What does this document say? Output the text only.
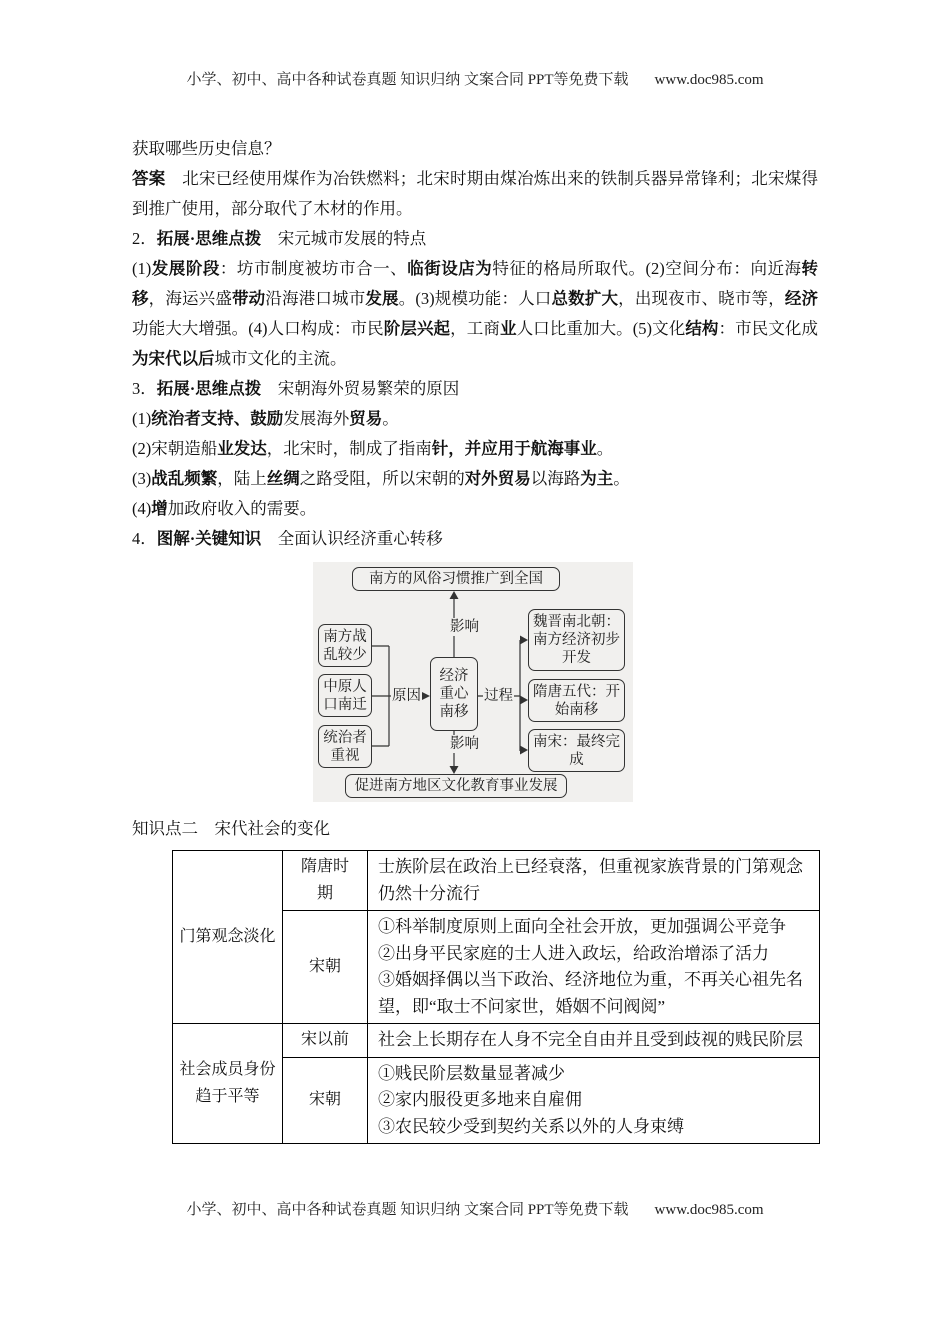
小学、初中、高中各种试卷真题 知识归纳 文案合同 PPT等免费下载 www.doc985.com

获取哪些历史信息？

答案　北宋已经使用煤作为冶铁燃料；北宋时期由煤冶炼出来的铁制兵器异常锋利；北宋煤得到推广使用，部分取代了木材的作用。

2．拓展·思维点拨　宋元城市发展的特点

(1)发展阶段：坊市制度被坊市合一、临街设店为特征的格局所取代。(2)空间分布：向近海转移，海运兴盛带动沿海港口城市发展。(3)规模功能：人口总数扩大，出现夜市、晓市等，经济功能大大增强。(4)人口构成：市民阶层兴起，工商业人口比重加大。(5)文化结构：市民文化成为宋代以后城市文化的主流。

3．拓展·思维点拨　宋朝海外贸易繁荣的原因

(1)统治者支持、鼓励发展海外贸易。

(2)宋朝造船业发达，北宋时，制成了指南针，并应用于航海事业。

(3)战乱频繁，陆上丝绸之路受阻，所以宋朝的对外贸易以海路为主。

(4)增加政府收入的需要。

4．图解·关键知识　全面认识经济重心转移

南方的风俗习惯推广到全国
南方战乱较少
中原人口南迁
统治者重视
经济重心南移
魏晋南北朝：南方经济初步开发
隋唐五代：开始南移
南宋：最终完成
促进南方地区文化教育事业发展
原因	过程
影响
影响

知识点二　宋代社会的变化

门第观念淡化	隋唐时期	士族阶层在政治上已经衰落，但重视家族背景的门第观念仍然十分流行

	宋朝	①科举制度原则上面向全社会开放，更加强调公平竞争
②出身平民家庭的士人进入政坛，给政治增添了活力
③婚姻择偶以当下政治、经济地位为重，不再关心祖先名望，即“取士不问家世，婚姻不问阀阅”

社会成员身份趋于平等	宋以前	社会上长期存在人身不完全自由并且受到歧视的贱民阶层

	宋朝	①贱民阶层数量显著减少
②家内服役更多地来自雇佣
③农民较少受到契约关系以外的人身束缚
小学、初中、高中各种试卷真题 知识归纳 文案合同 PPT等免费下载 www.doc985.com
